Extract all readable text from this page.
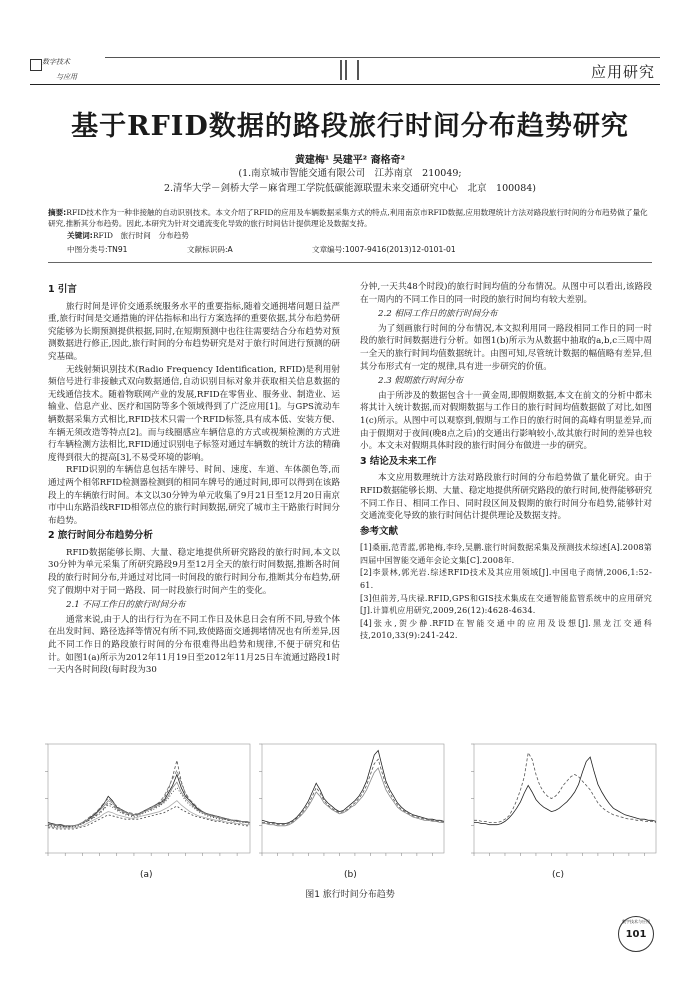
数字技术
与应用	应用研究
基于RFID数据的路段旅行时间分布趋势研究
黄建梅¹ 吴建平² 裔格奇²
(1.南京城市智能交通有限公司　江苏南京　210049;
2.清华大学－剑桥大学－麻省理工学院低碳能源联盟未来交通研究中心　北京　100084)
摘要:RFID技术作为一种非接触的自动识别技术。本文介绍了RFID的应用及车辆数据采集方式的特点,利用南京市RFID数据,应用数理统计方法对路段旅行时间的分布趋势做了量化研究,推断其分布趋势。因此,本研究为针对交通流变化导致的旅行时间估计提供理论及数据支持。
关键词:RFID　旅行时间　分布趋势
中图分类号:TN91	文献标识码:A	文章编号:1007-9416(2013)12-0101-01
1 引言

旅行时间是评价交通系统服务水平的重要指标,随着交通拥堵问题日益严重,旅行时间是交通措施的评估指标和出行方案选择的重要依据,其分布趋势研究能够为长期预测提供根据,同时,在短期预测中也往往需要结合分布趋势对预测数据进行修正,因此,旅行时间的分布趋势研究是对于旅行时间进行预测的研究基础。

无线射频识别技术(Radio Frequency Identification, RFID)是利用射频信号进行非接触式双向数据通信,自动识别目标对象并获取相关信息数据的无线通信技术。随着物联网产业的发展,RFID在零售业、服务业、制造业、运输业、信息产业、医疗和国防等多个领域得到了广泛应用[1]。与GPS流动车辆数据采集方式相比,RFID技术只需一个RFID标签,具有成本低、安装方便、车辆无须改造等特点[2]。而与线圈感应车辆信息的方式或视频检测的方式进行车辆检测方法相比,RFID通过识别电子标签对通过车辆数的统计方法的精确度得到很大的提高[3],不易受环境的影响。

RFID识别的车辆信息包括车牌号、时间、速度、车道、车体颜色等,而通过两个相邻RFID检测器检测到的相同车牌号的通过时间,即可以得到在该路段上的车辆旅行时间。本文以30分钟为单元收集了9月21日至12月20日南京市中山东路沿线RFID相邻点位的旅行时间数据,研究了城市主干路旅行时间分布趋势。

2 旅行时间分布趋势分析

RFID数据能够长期、大量、稳定地提供所研究路段的旅行时间,本文以30分钟为单元采集了所研究路段9月至12月全天的旅行时间数据,推断各时间段的旅行时间分布,并通过对比同一时间段的旅行时间分布,推断其分布趋势,研究了假期中对于同一路段、同一时段旅行时间产生的变化。

2.1 不同工作日的旅行时间分布

通常来说,由于人的出行行为在不同工作日及休息日会有所不同,导致个体在出发时间、路径选择等情况有所不同,致使路面交通拥堵情况也有所差异,因此不同工作日的路段旅行时间的分布很难得出趋势和规律,不便于研究和估计。如图1(a)所示为2012年11月19日至2012年11月25日车流通过路段1时一天内各时间段(每时段为30

分钟,一天共48个时段)的旅行时间均值的分布情况。从图中可以看出,该路段在一周内的不同工作日的同一时段的旅行时间均有较大差别。

2.2 相同工作日的旅行时间分布

为了刻画旅行时间的分布情况,本文拟利用同一路段相同工作日的同一时段的旅行时间数据进行分析。如图1(b)所示为从数据中抽取的a,b,c三周中周一全天的旅行时间均值数据统计。由图可知,尽管统计数据的幅值略有差异,但其分布形式有一定的规律,具有进一步研究的价值。

2.3 假期旅行时间分布

由于所涉及的数据包含十一黄金周,即假期数据,本文在前文的分析中都未将其计入统计数据,而对假期数据与工作日的旅行时间均值数据做了对比,如图1(c)所示。从图中可以观察到,假期与工作日的旅行时间的高峰有明显差异,而由于假期对于夜间(晚8点之后)的交通出行影响较小,故其旅行时间的差异也较小。本文未对假期具体时段的旅行时间分布做进一步的研究。

3 结论及未来工作

本文应用数理统计方法对路段旅行时间的分布趋势做了量化研究。由于RFID数据能够长期、大量、稳定地提供所研究路段的旅行时间,使得能够研究不同工作日、相同工作日、同时段区间及假期的旅行时间分布趋势,能够针对交通流变化导致的旅行时间估计提供理论及数据支持。

参考文献

[1]桑丽,范青蓝,郭艳梅,李玲,吴鹏.旅行时间数据采集及预测技术综述[A].2008第四届中国智能交通年会论文集[C].2008年.

[2]李景林,郭光岩.综述RFID技术及其应用领域[J].中国电子商情,2006,1:52-61.

[3]但前芳,马庆禄.RFID,GPS和GIS技术集成在交通智能监管系统中的应用研究[J].计算机应用研究,2009,26(12):4628-4634.

[4]张永,贺少静.RFID在智能交通中的应用及设想[J].黑龙江交通科技,2010,33(9):241-242.

(a)	(b)	(c)
图1 旅行时间分布趋势
数字技术与应用
101
